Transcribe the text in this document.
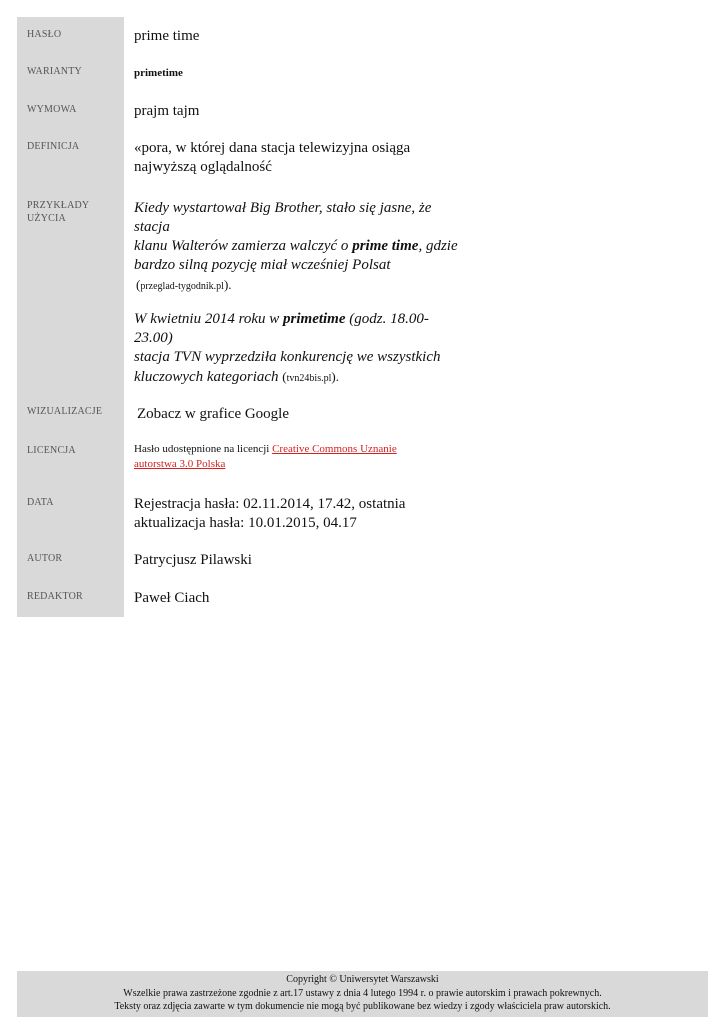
HASŁO
WARIANTY
WYMOWA
DEFINICJA
PRZYKŁADY
UŻYCIA
WIZUALIZACJE
LICENCJA
DATA
AUTOR
REDAKTOR
prime time
primetime
prajm tajm
«pora, w której dana stacja telewizyjna osiąga
najwyższą oglądalność
Kiedy wystartował Big Brother, stało się jasne, że stacja
klanu Walterów zamierza walczyć o prime time, gdzie
bardzo silną pozycję miał wcześniej Polsat
(przeglad-tygodnik.pl).
W kwietniu 2014 roku w primetime (godz. 18.00-23.00)
stacja TVN wyprzedziła konkurencję we wszystkich
kluczowych kategoriach (tvn24bis.pl).
Zobacz w grafice Google
Hasło udostępnione na licencji Creative Commons Uznanie
autorstwa 3.0 Polska
Rejestracja hasła: 02.11.2014, 17.42, ostatnia
aktualizacja hasła: 10.01.2015, 04.17
Patrycjusz Pilawski
Paweł Ciach
Copyright © Uniwersytet Warszawski
Wszelkie prawa zastrzeżone zgodnie z art.17 ustawy z dnia 4 lutego 1994 r. o prawie autorskim i prawach pokrewnych.
Teksty oraz zdjęcia zawarte w tym dokumencie nie mogą być publikowane bez wiedzy i zgody właściciela praw autorskich.
